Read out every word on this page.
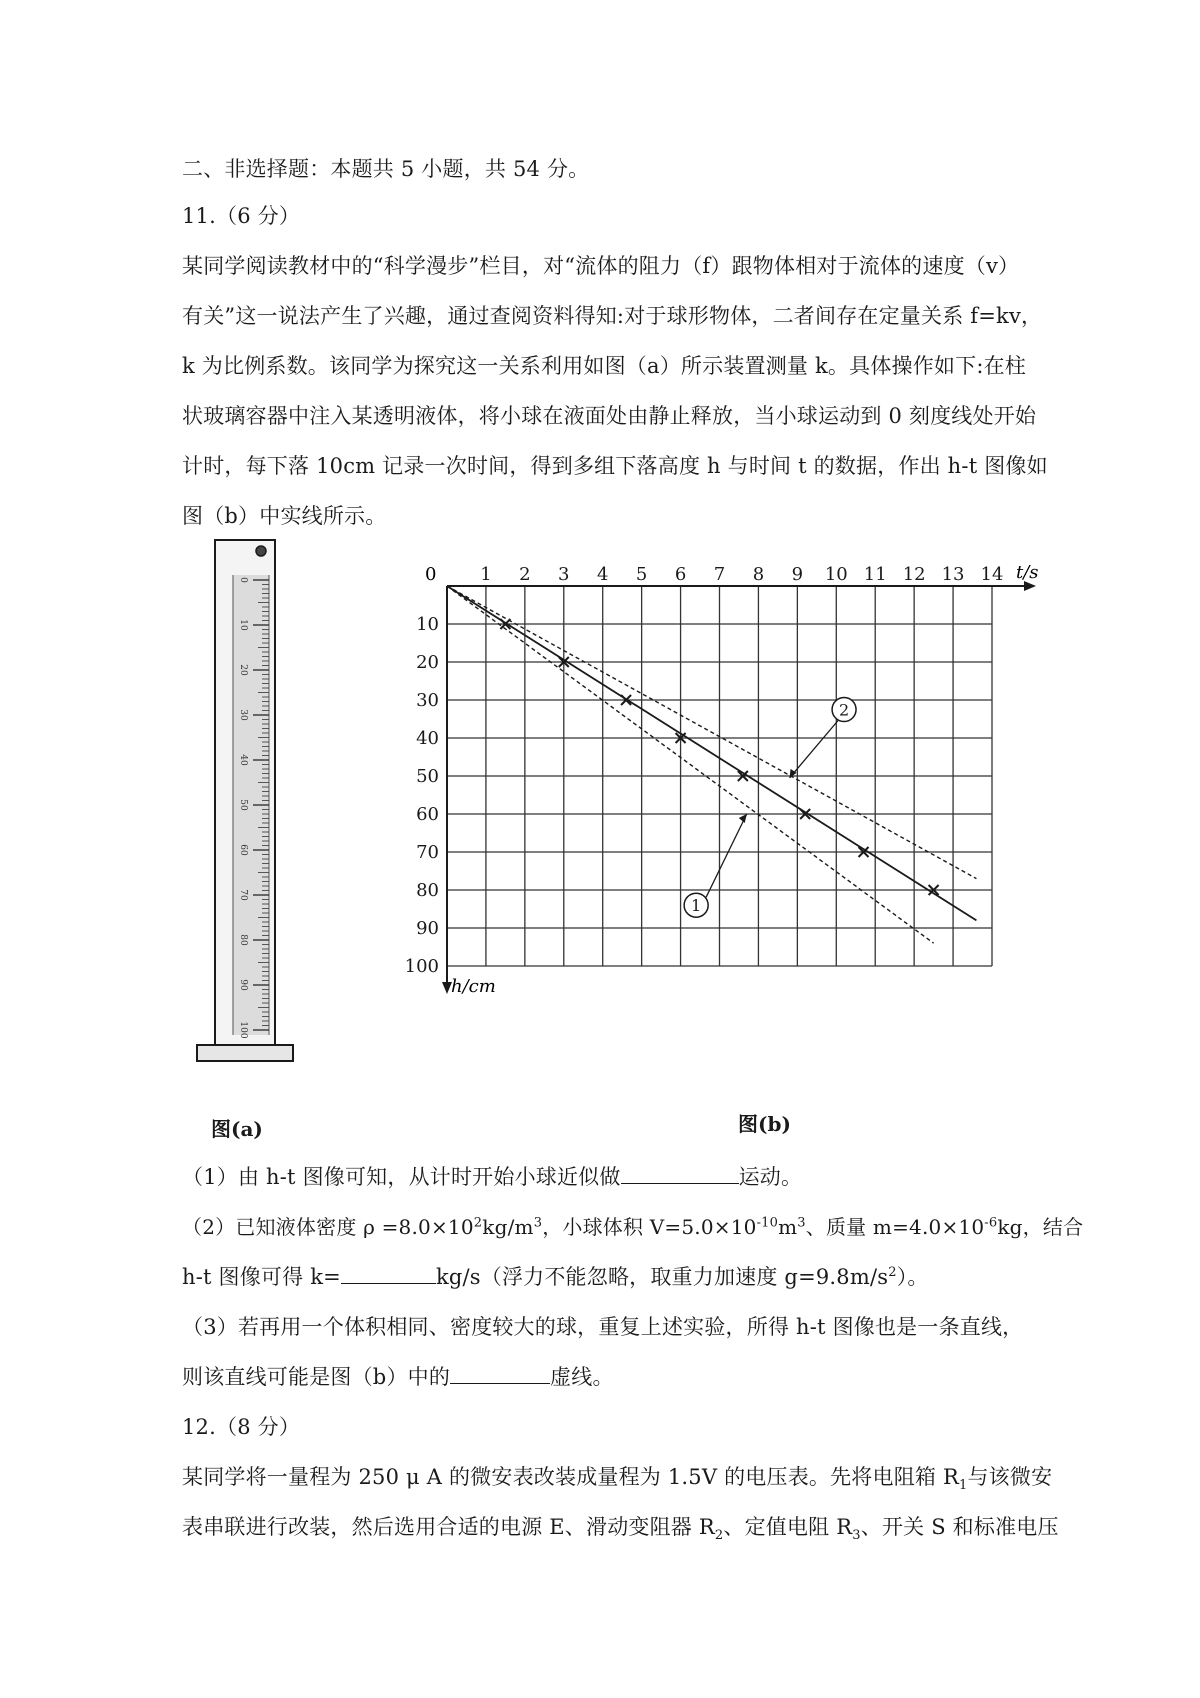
二、非选择题：本题共 5 小题，共 54 分。
11.（6 分）
某同学阅读教材中的“科学漫步”栏目，对“流体的阻力（f）跟物体相对于流体的速度（v）
有关”这一说法产生了兴趣，通过查阅资料得知:对于球形物体，二者间存在定量关系 f=kv，
k 为比例系数。该同学为探究这一关系利用如图（a）所示装置测量 k。具体操作如下:在柱
状玻璃容器中注入某透明液体，将小球在液面处由静止释放，当小球运动到 0 刻度线处开始
计时，每下落 10cm 记录一次时间，得到多组下落高度 h 与时间 t 的数据，作出 h-t 图像如
图（b）中实线所示。
0
10
20
30
40
50
60
70
80
90
100
1 2 3 4 5 6 7 8 9 10 11 12 13 14
10
20
30
40
50
60
70
80
90
100
1
2
0	t/s
h/cm
图(a)	图(b)
（1）由 h-t 图像可知，从计时开始小球近似做	运动。
（2）已知液体密度 $\rho =8.0\times 10^2kg/m^3$，小球体积 $V=5.0\times 10^{-10}m^3$、质量 $m=4.0\times 10^{-6}kg$，结合
h-t 图像可得 k=	kg/s（浮力不能忽略，取重力加速度 $g=9.8m/s^2$）。
（3）若再用一个体积相同、密度较大的球，重复上述实验，所得 h-t 图像也是一条直线，
则该直线可能是图（b）中的	虚线。
12.（8 分）
某同学将一量程为 250 μ A 的微安表改装成量程为 1.5V 的电压表。先将电阻箱 $R_1$与该微安
表串联进行改装，然后选用合适的电源 E、滑动变阻器 $R_2$、定值电阻 $R_3$、开关 S 和标准电压
